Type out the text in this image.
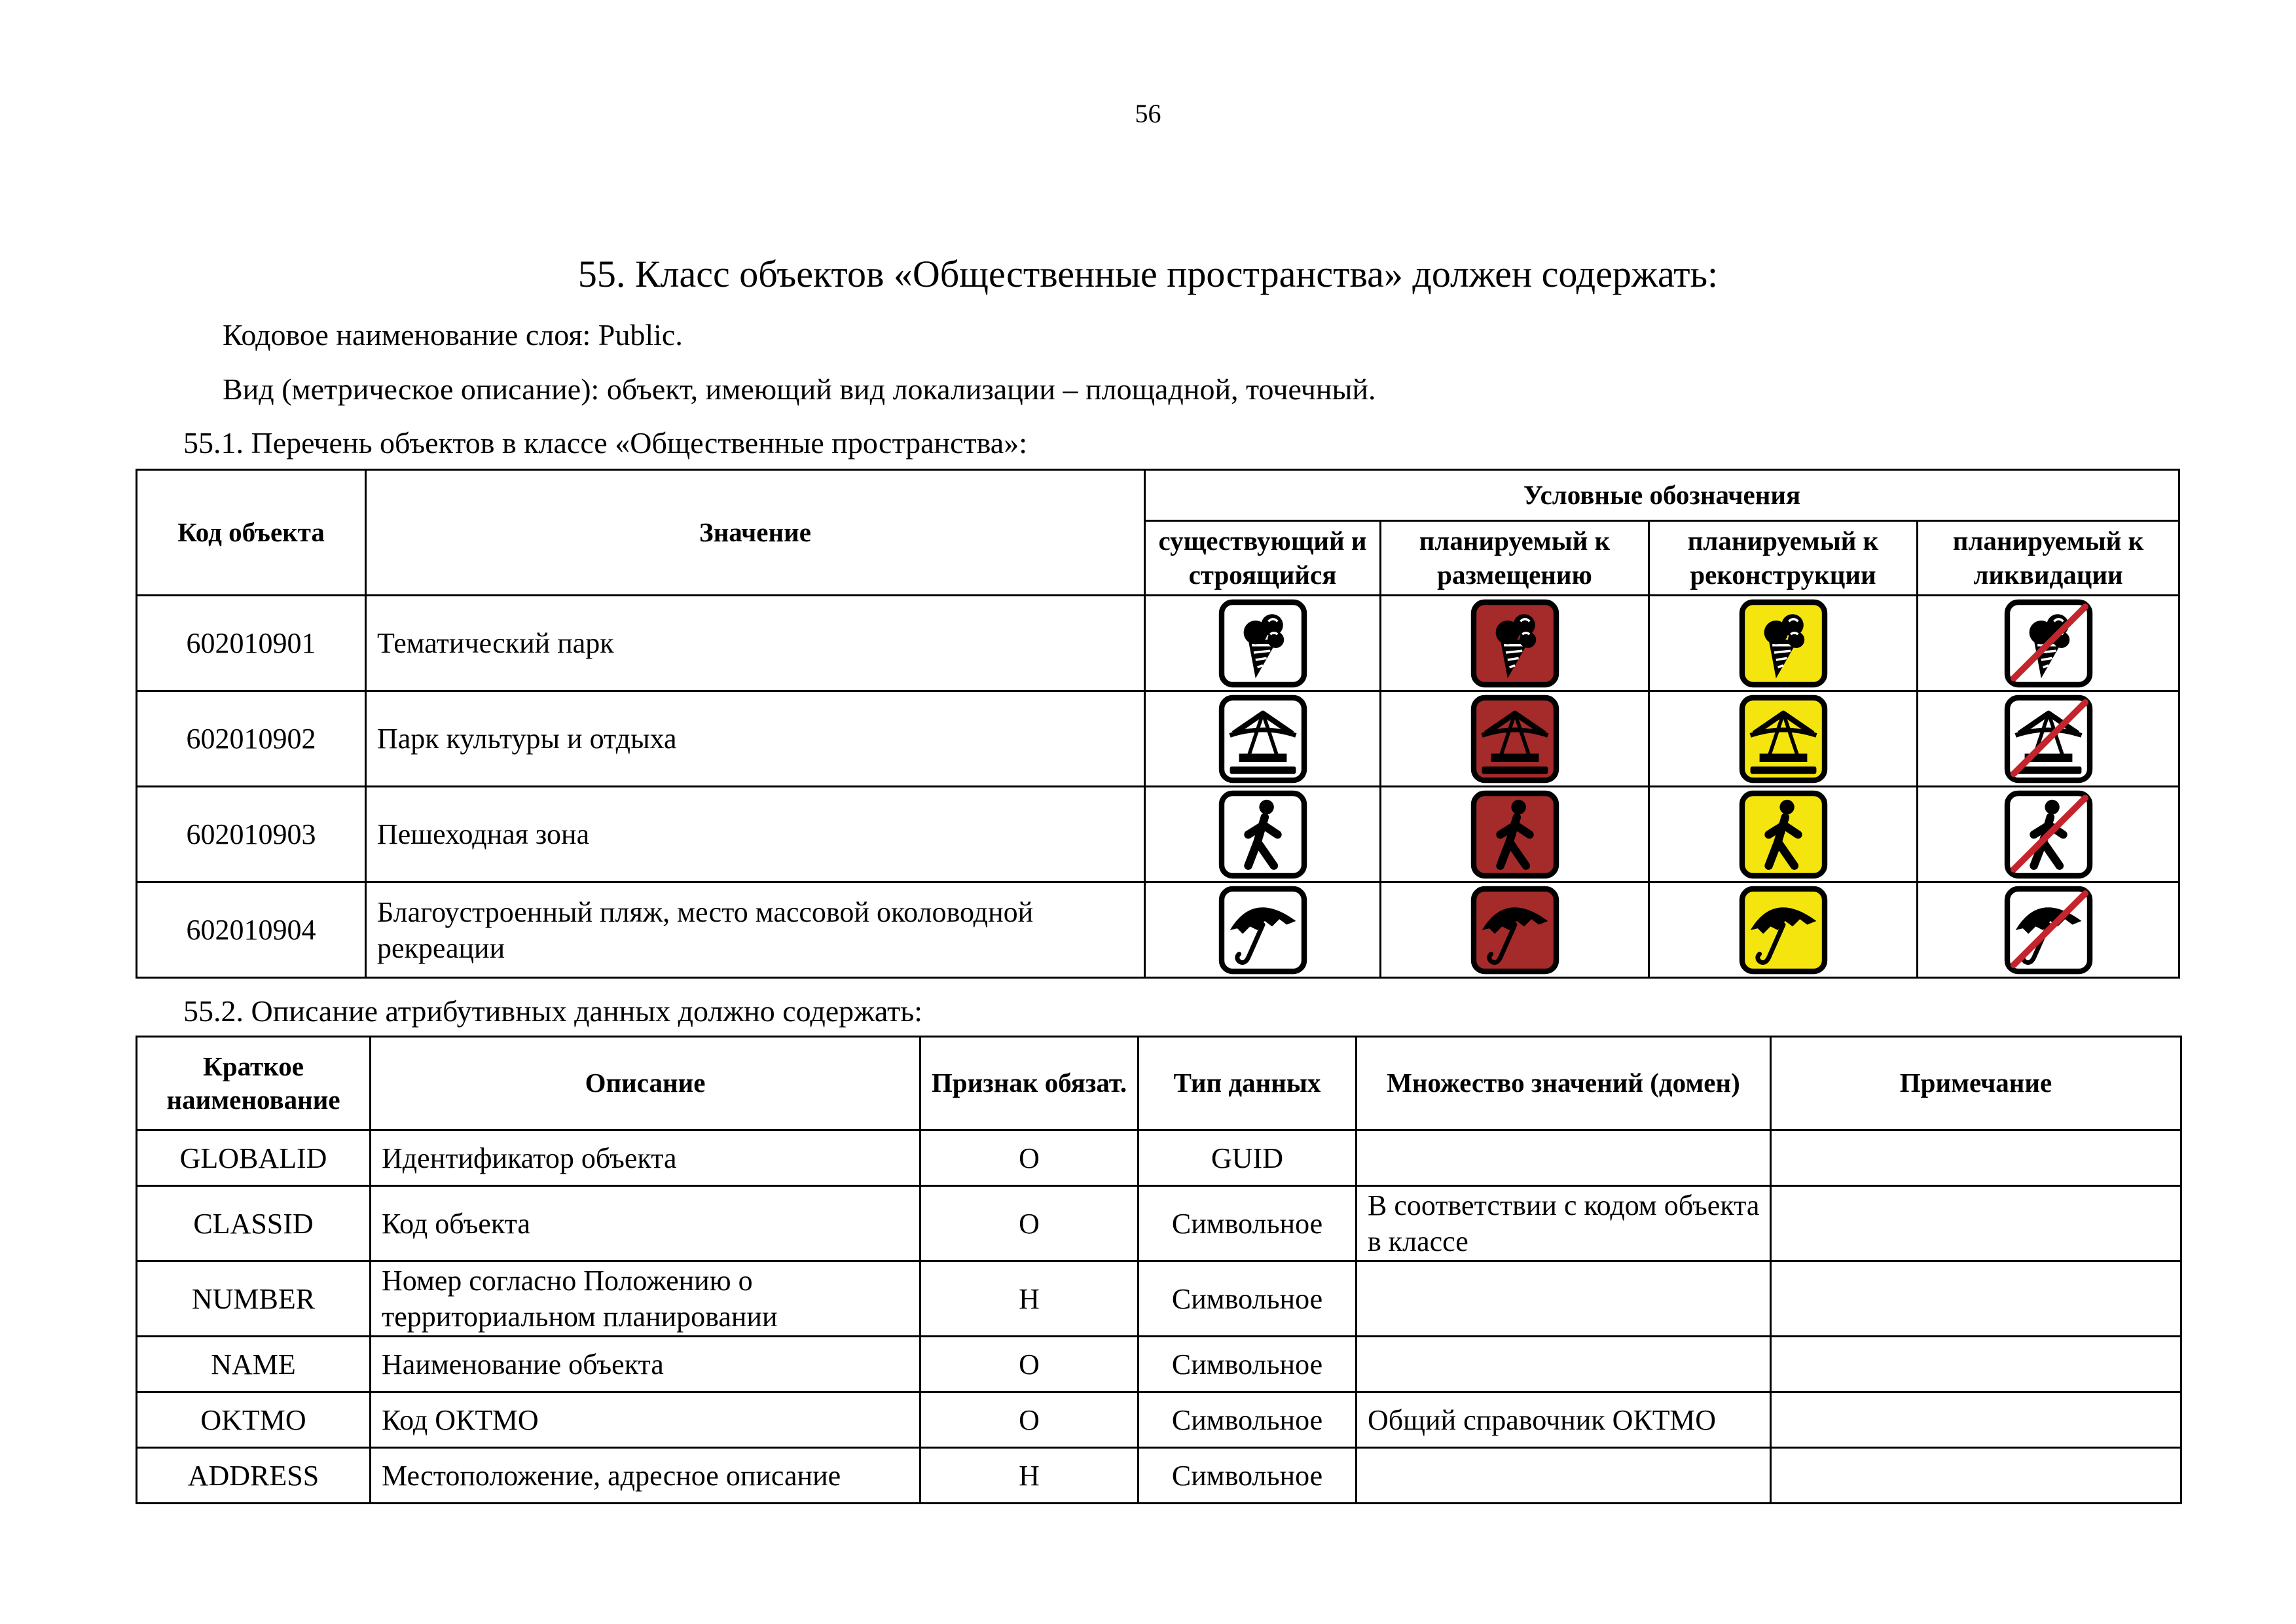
56
55. Класс объектов «Общественные пространства» должен содержать:
Кодовое наименование слоя: Public.
Вид (метрическое описание): объект, имеющий вид локализации – площадной, точечный.
55.1. Перечень объектов в классе «Общественные пространства»:
Код объекта	Значение	Условные обозначения			
		существующий и строящийся	планируемый к размещению	планируемый к реконструкции	планируемый к ликвидации
602010901	Тематический парк	

602010902	Парк культуры и отдыха	

602010903	Пешеходная зона	

602010904	Благоустроенный пляж, место массовой околоводной рекреации	

55.2. Описание атрибутивных данных должно содержать:
Краткое наименование	Описание	Признак обязат.	Тип данных	Множество значений (домен)	Примечание
GLOBALID	Идентификатор объекта	О	GUID		
CLASSID	Код объекта	О	Символьное	В соответствии с кодом объекта в классе	
NUMBER	Номер согласно Положению о территориальном планировании	Н	Символьное		
NAME	Наименование объекта	О	Символьное		
OKTMO	Код ОКТМО	О	Символьное	Общий справочник ОКТМО	
ADDRESS	Местоположение, адресное описание	Н	Символьное		
